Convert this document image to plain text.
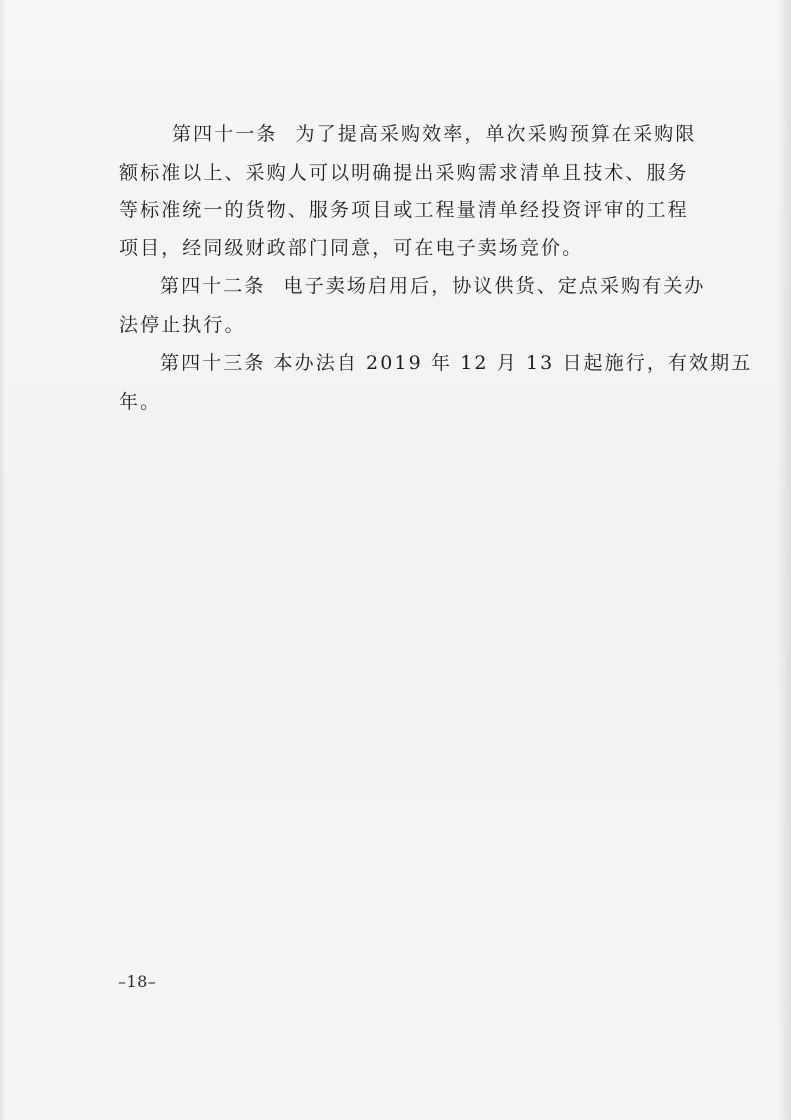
第四十一条 为了提高采购效率，单次采购预算在采购限
额标准以上、采购人可以明确提出采购需求清单且技术、服务
等标准统一的货物、服务项目或工程量清单经投资评审的工程
项目，经同级财政部门同意，可在电子卖场竞价。
第四十二条 电子卖场启用后，协议供货、定点采购有关办
法停止执行。
第四十三条 本办法自 2019 年 12 月 13 日起施行，有效期五
年。
–18–
